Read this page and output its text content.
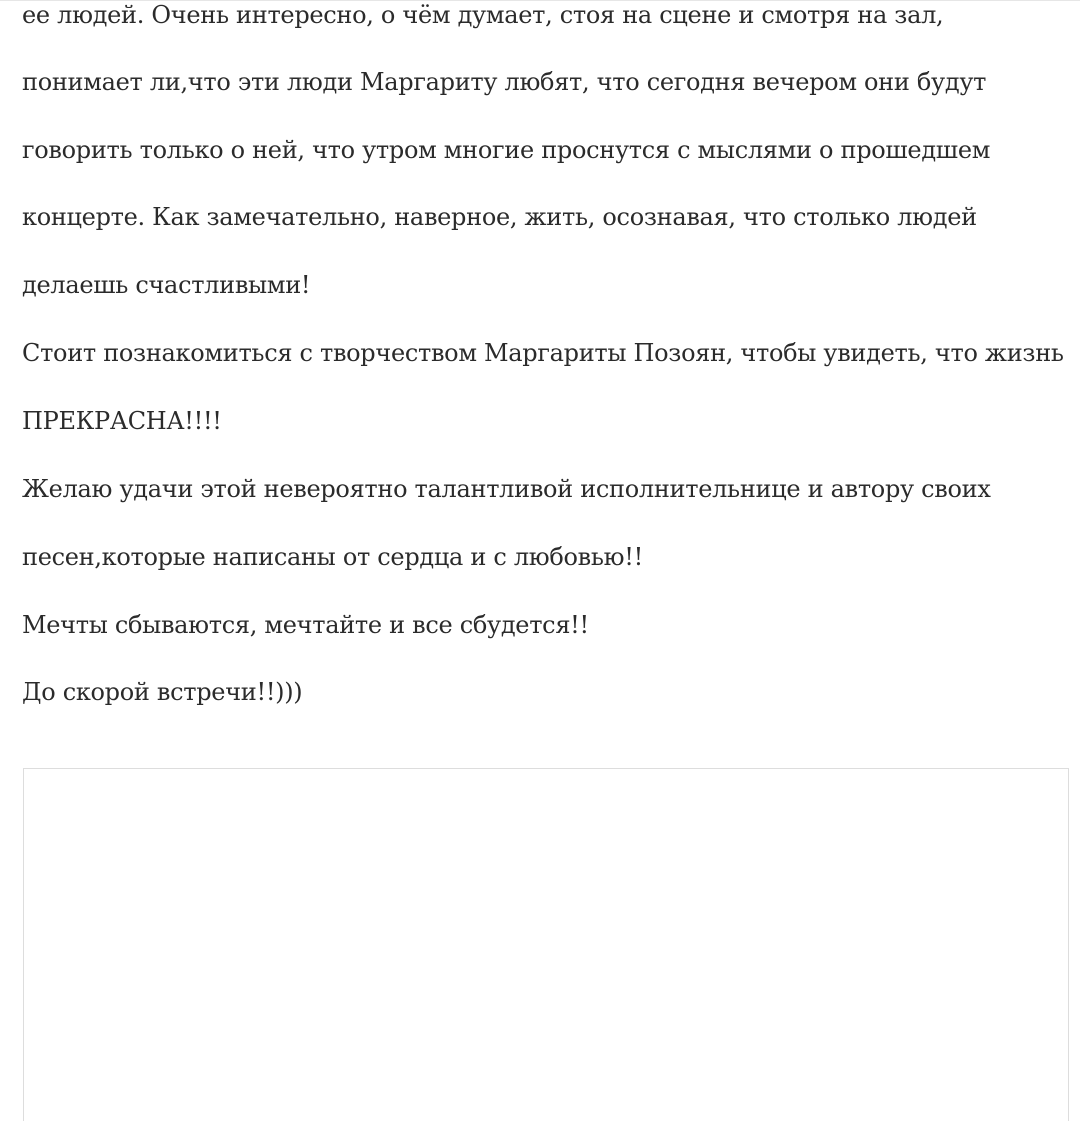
ее людей. Очень интересно, о чём думает, стоя на сцене и смотря на зал,
понимает ли,что эти люди Маргариту любят, что сегодня вечером они будут
говорить только о ней, что утром многие проснутся с мыслями о прошедшем
концерте. Как замечательно, наверное, жить, осознавая, что столько людей
делаешь счастливыми!
Стоит познакомиться с творчеством Маргариты Позоян, чтобы увидеть, что жизнь
ПРЕКРАСНА!!!!
Желаю удачи этой невероятно талантливой исполнительнице и автору своих
песен,которые написаны от сердца и с любовью!!
Мечты сбываются, мечтайте и все сбудется!!
До скорой встречи!!)))
